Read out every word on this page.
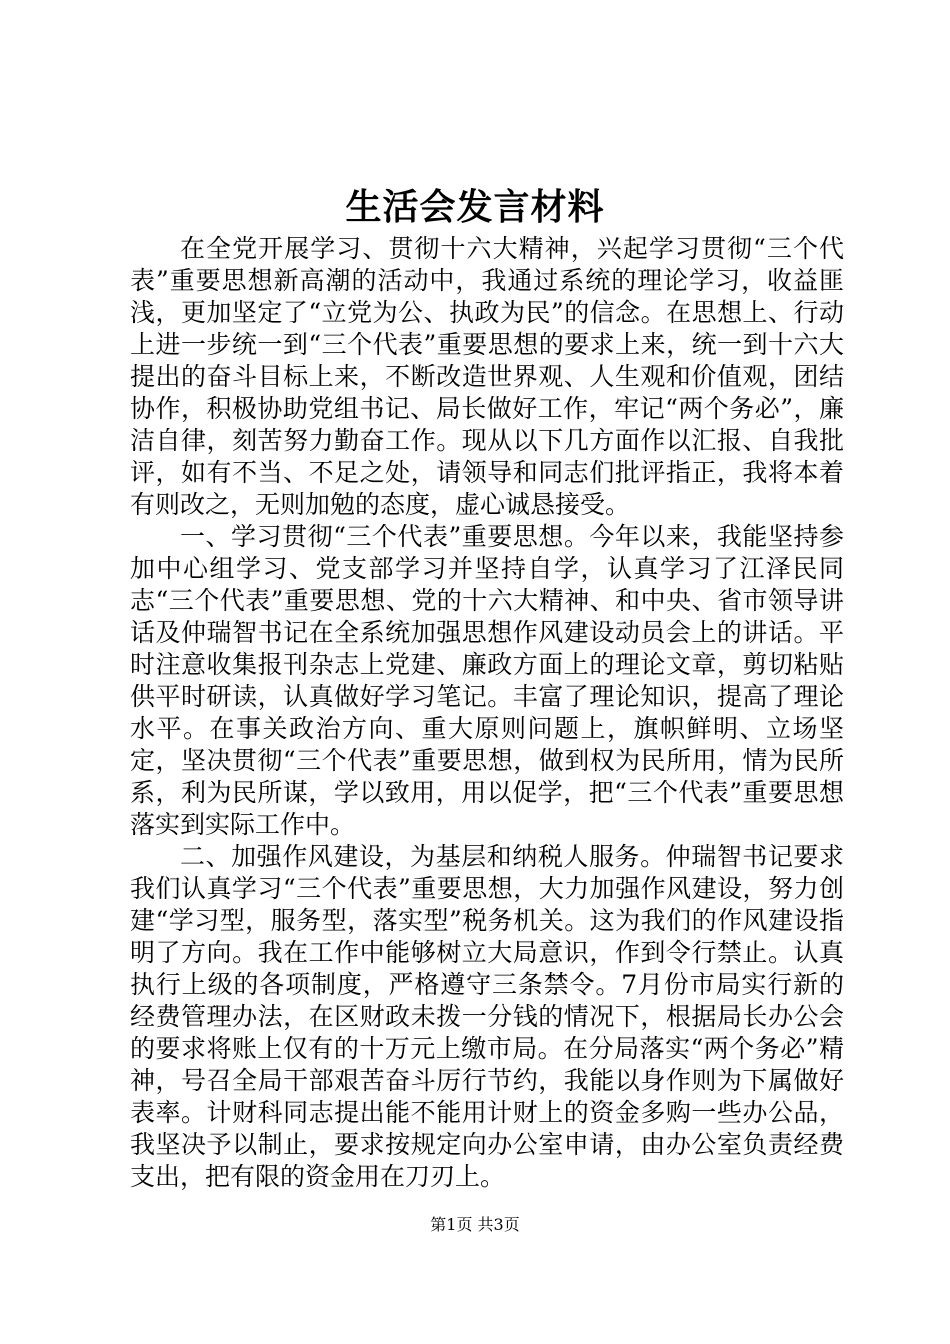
生活会发言材料

在全党开展学习、贯彻十六大精神，兴起学习贯彻“三个代表”重要思想新高潮的活动中，我通过系统的理论学习，收益匪浅，更加坚定了“立党为公、执政为民”的信念。在思想上、行动上进一步统一到“三个代表”重要思想的要求上来，统一到十六大提出的奋斗目标上来，不断改造世界观、人生观和价值观，团结协作，积极协助党组书记、局长做好工作，牢记“两个务必”，廉洁自律，刻苦努力勤奋工作。现从以下几方面作以汇报、自我批评，如有不当、不足之处，请领导和同志们批评指正，我将本着有则改之，无则加勉的态度，虚心诚恳接受。

一、学习贯彻“三个代表”重要思想。今年以来，我能坚持参加中心组学习、党支部学习并坚持自学，认真学习了江泽民同志“三个代表”重要思想、党的十六大精神、和中央、省市领导讲话及仲瑞智书记在全系统加强思想作风建设动员会上的讲话。平时注意收集报刊杂志上党建、廉政方面上的理论文章，剪切粘贴供平时研读，认真做好学习笔记。丰富了理论知识，提高了理论水平。在事关政治方向、重大原则问题上，旗帜鲜明、立场坚定，坚决贯彻“三个代表”重要思想，做到权为民所用，情为民所系，利为民所谋，学以致用，用以促学，把“三个代表”重要思想落实到实际工作中。

二、加强作风建设，为基层和纳税人服务。仲瑞智书记要求我们认真学习“三个代表”重要思想，大力加强作风建设，努力创建“学习型，服务型，落实型”税务机关。这为我们的作风建设指明了方向。我在工作中能够树立大局意识，作到令行禁止。认真执行上级的各项制度，严格遵守三条禁令。7月份市局实行新的经费管理办法，在区财政未拨一分钱的情况下，根据局长办公会的要求将账上仅有的十万元上缴市局。在分局落实“两个务必”精神，号召全局干部艰苦奋斗厉行节约，我能以身作则为下属做好表率。计财科同志提出能不能用计财上的资金多购一些办公品，我坚决予以制止，要求按规定向办公室申请，由办公室负责经费支出，把有限的资金用在刀刃上。

第1页 共3页
